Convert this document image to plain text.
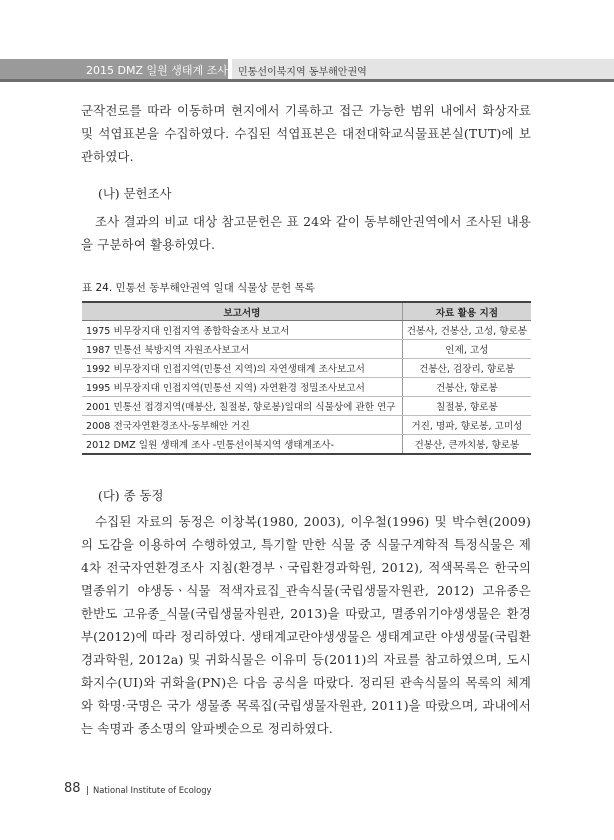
2015 DMZ 일원 생태계 조사 민통선이북지역 동부해안권역

군작전로를 따라 이동하며 현지에서 기록하고 접근 가능한 범위 내에서 화상자료 및 석엽표본을 수집하였다. 수집된 석엽표본은 대전대학교식물표본실(TUT)에 보관하였다.

(나) 문헌조사

조사 결과의 비교 대상 참고문헌은 표 24와 같이 동부해안권역에서 조사된 내용을 구분하여 활용하였다.

표 24. 민통선 동부해안권역 일대 식물상 문헌 목록
보고서명	자료 활용 지점
1975 비무장지대 인접지역 종합학술조사 보고서	건봉사, 건봉산, 고성, 향로봉
1987 민통선 북방지역 자원조사보고서	인제, 고성
1992 비무장지대 인접지역(민통선 지역)의 자연생태계 조사보고서	건봉산, 검장리, 향로봉
1995 비무장지대 인접지역(민통선 지역) 자연환경 정밀조사보고서	건봉산, 향로봉
2001 민통선 접경지역(매봉산, 칠절봉, 향로봉)일대의 식물상에 관한 연구	칠절봉, 향로봉
2008 전국자연환경조사-동부해안 거진	거진, 명파, 향로봉, 고미성
2012 DMZ 일원 생태계 조사 -민통선이북지역 생태계조사-	건봉산, 큰까치봉, 향로봉

(다) 종 동정

수집된 자료의 동정은 이창복(1980, 2003), 이우철(1996) 및 박수현(2009)의 도감을 이용하여 수행하였고, 특기할 만한 식물 중 식물구계학적 특정식물은 제4차 전국자연환경조사 지침(환경부ㆍ국립환경과학원, 2012), 적색목록은 한국의 멸종위기 야생동ㆍ식물 적색자료집_관속식물(국립생물자원관, 2012) 고유종은 한반도 고유종_식물(국립생물자원관, 2013)을 따랐고, 멸종위기야생생물은 환경부(2012)에 따라 정리하였다. 생태계교란야생생물은 생태계교란 야생생물(국립환경과학원, 2012a) 및 귀화식물은 이유미 등(2011)의 자료를 참고하였으며, 도시화지수(UI)와 귀화율(PN)은 다음 공식을 따랐다. 정리된 관속식물의 목록의 체계와 학명·국명은 국가 생물종 목록집(국립생물자원관, 2011)을 따랐으며, 과내에서는 속명과 종소명의 알파벳순으로 정리하였다.

88 National Institute of Ecology
